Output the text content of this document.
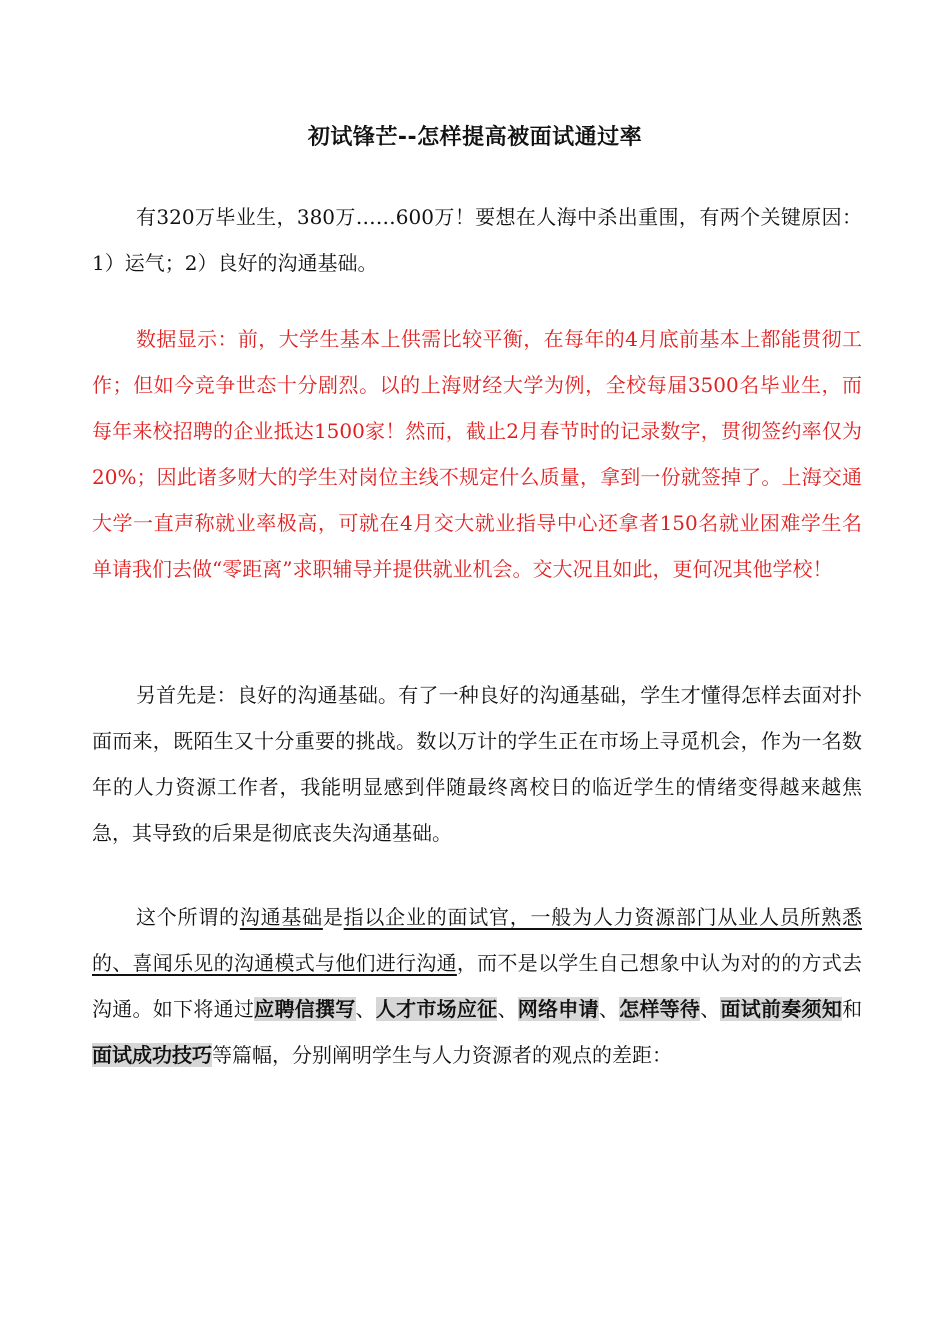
初试锋芒--怎样提高被面试通过率

有320万毕业生，380万……600万！要想在人海中杀出重围，有两个关键原因：1）运气；2）良好的沟通基础。

数据显示：前，大学生基本上供需比较平衡，在每年的4月底前基本上都能贯彻工作；但如今竞争世态十分剧烈。以的上海财经大学为例，全校每届3500名毕业生，而每年来校招聘的企业抵达1500家！然而，截止2月春节时的记录数字，贯彻签约率仅为20%；因此诸多财大的学生对岗位主线不规定什么质量，拿到一份就签掉了。上海交通大学一直声称就业率极高，可就在4月交大就业指导中心还拿者150名就业困难学生名单请我们去做“零距离”求职辅导并提供就业机会。交大况且如此，更何况其他学校！

另首先是：良好的沟通基础。有了一种良好的沟通基础，学生才懂得怎样去面对扑面而来，既陌生又十分重要的挑战。数以万计的学生正在市场上寻觅机会，作为一名数年的人力资源工作者，我能明显感到伴随最终离校日的临近学生的情绪变得越来越焦急，其导致的后果是彻底丧失沟通基础。

这个所谓的沟通基础是指以企业的面试官，一般为人力资源部门从业人员所熟悉的、喜闻乐见的沟通模式与他们进行沟通，而不是以学生自己想象中认为对的的方式去沟通。如下将通过应聘信撰写、人才市场应征、网络申请、怎样等待、面试前奏须知和面试成功技巧等篇幅，分别阐明学生与人力资源者的观点的差距：
